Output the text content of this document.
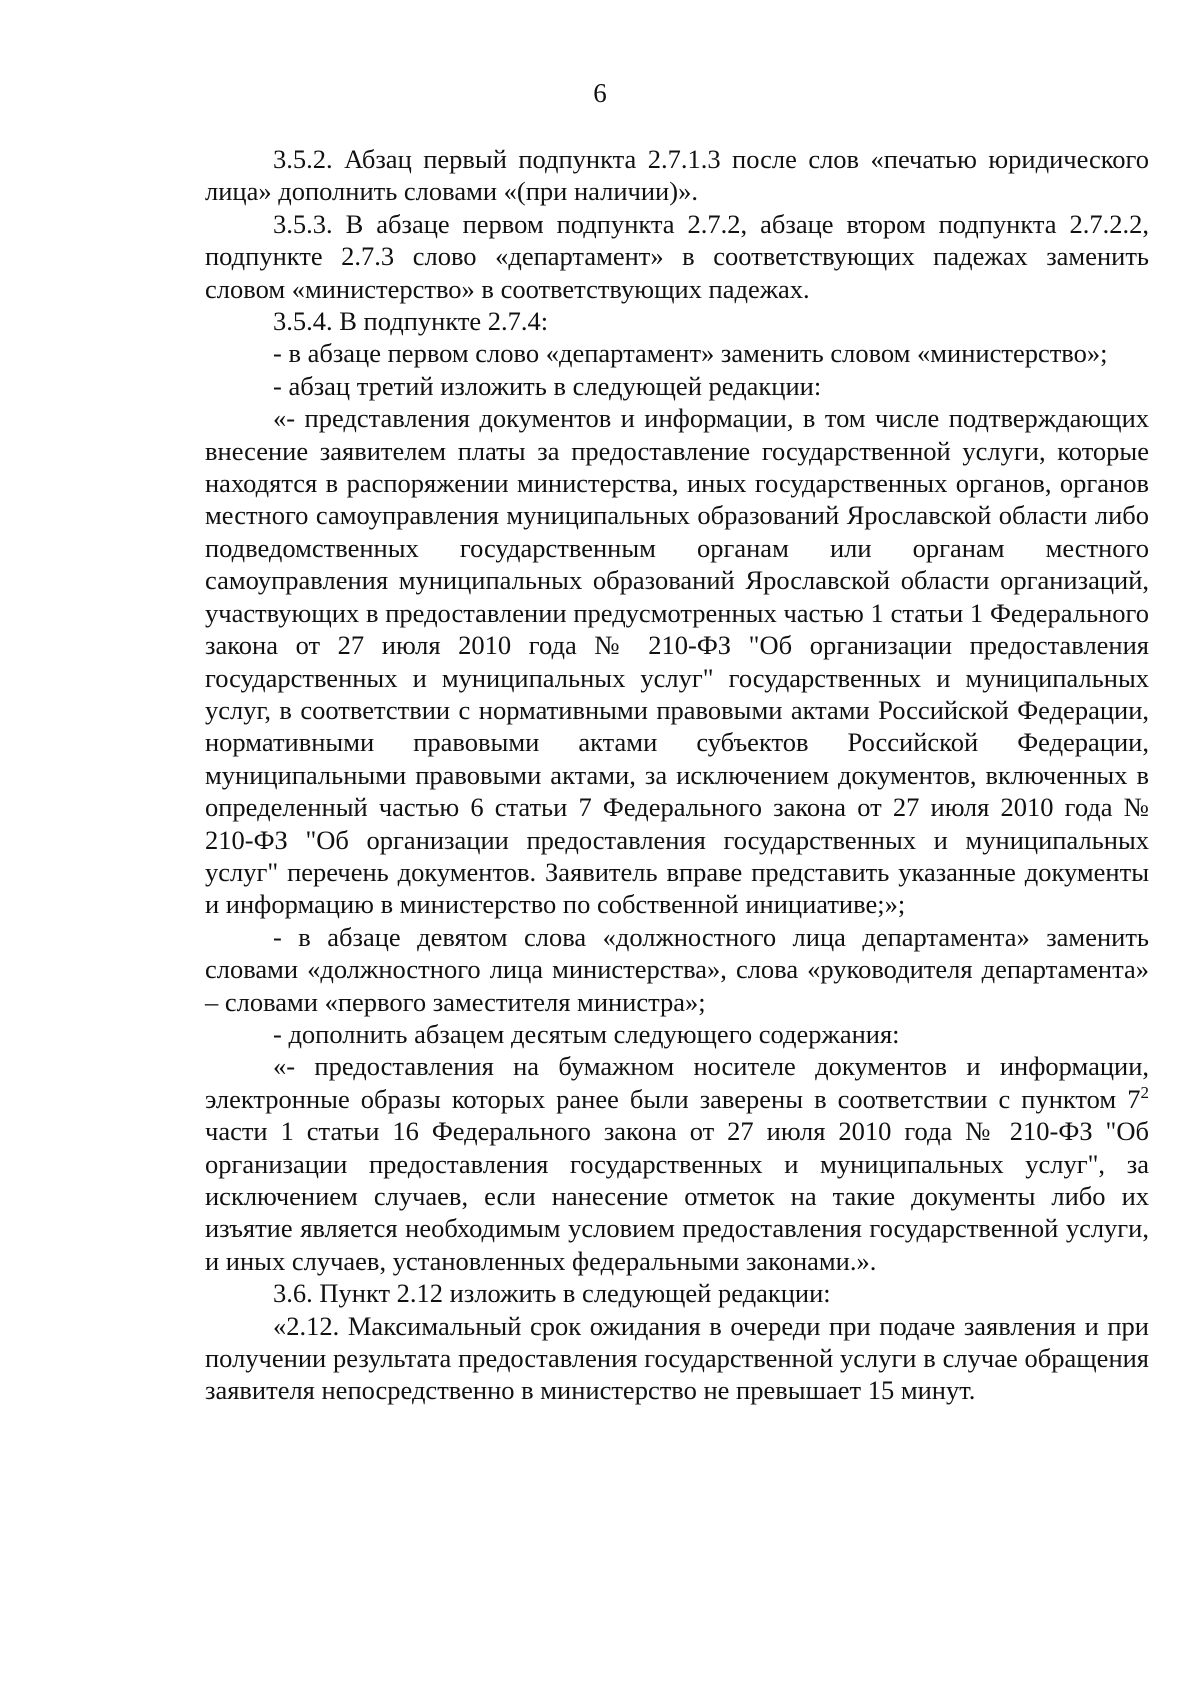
6

3.5.2. Абзац первый подпункта 2.7.1.3 после слов «печатью юридического лица» дополнить словами «(при наличии)».

3.5.3. В абзаце первом подпункта 2.7.2, абзаце втором подпункта 2.7.2.2, подпункте 2.7.3 слово «департамент» в соответствующих падежах заменить словом «министерство» в соответствующих падежах.

3.5.4. В подпункте 2.7.4:

- в абзаце первом слово «департамент» заменить словом «министерство»;

- абзац третий изложить в следующей редакции:

«- представления документов и информации, в том числе подтверждающих внесение заявителем платы за предоставление государственной услуги, которые находятся в распоряжении министерства, иных государственных органов, органов местного самоуправления муниципальных образований Ярославской области либо подведомственных государственным органам или органам местного самоуправления муниципальных образований Ярославской области организаций, участвующих в предоставлении предусмотренных частью 1 статьи 1 Федерального закона от 27 июля 2010 года № 210-ФЗ "Об организации предоставления государственных и муниципальных услуг" государственных и муниципальных услуг, в соответствии с нормативными правовыми актами Российской Федерации, нормативными правовыми актами субъектов Российской Федерации, муниципальными правовыми актами, за исключением документов, включенных в определенный частью 6 статьи 7 Федерального закона от 27 июля 2010 года № 210-ФЗ "Об организации предоставления государственных и муниципальных услуг" перечень документов. Заявитель вправе представить указанные документы и информацию в министерство по собственной инициативе;»;

- в абзаце девятом слова «должностного лица департамента» заменить словами «должностного лица министерства», слова «руководителя департамента» – словами «первого заместителя министра»;

- дополнить абзацем десятым следующего содержания:

«- предоставления на бумажном носителе документов и информации, электронные образы которых ранее были заверены в соответствии с пунктом $7^2$ части 1 статьи 16 Федерального закона от 27 июля 2010 года № 210-ФЗ "Об организации предоставления государственных и муниципальных услуг", за исключением случаев, если нанесение отметок на такие документы либо их изъятие является необходимым условием предоставления государственной услуги, и иных случаев, установленных федеральными законами.».

3.6. Пункт 2.12 изложить в следующей редакции:

«2.12. Максимальный срок ожидания в очереди при подаче заявления и при получении результата предоставления государственной услуги в случае обращения заявителя непосредственно в министерство не превышает 15 минут.
